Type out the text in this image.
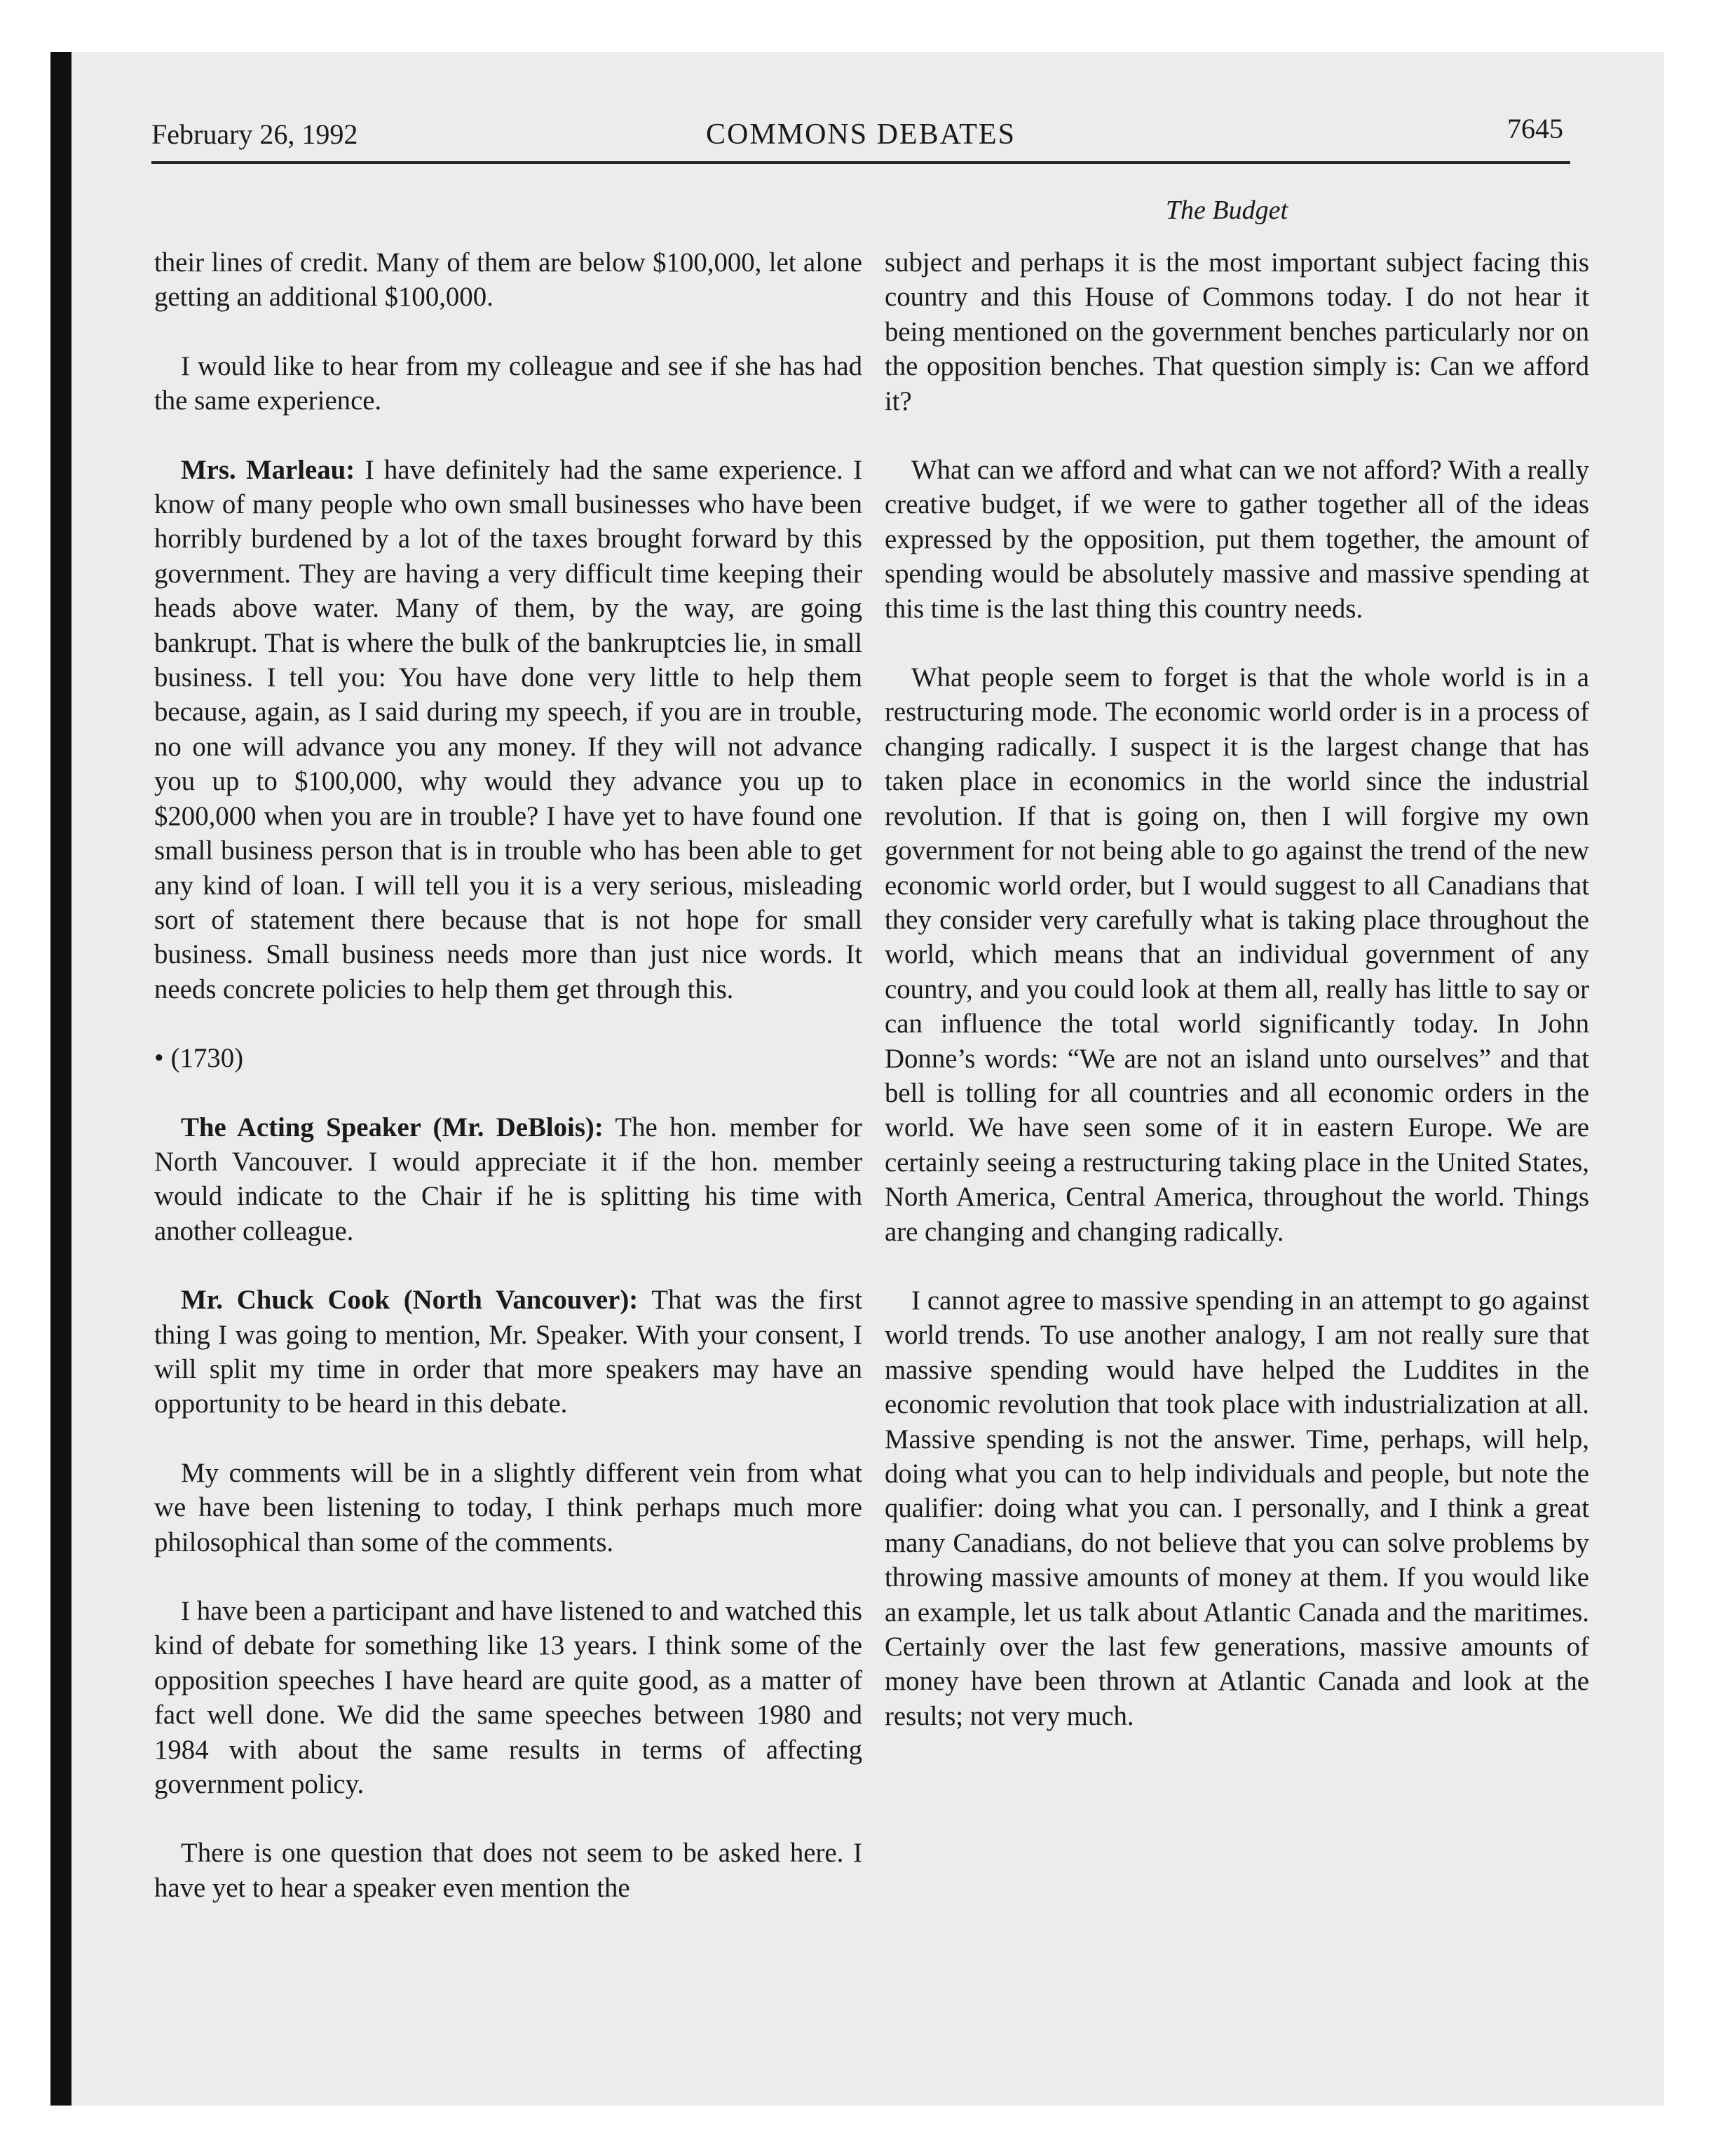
February 26, 1992	COMMONS DEBATES	7645
The Budget

their lines of credit. Many of them are below $100,000, let alone getting an additional $100,000.

I would like to hear from my colleague and see if she has had the same experience.

Mrs. Marleau: I have definitely had the same experience. I know of many people who own small businesses who have been horribly burdened by a lot of the taxes brought forward by this government. They are having a very difficult time keeping their heads above water. Many of them, by the way, are going bankrupt. That is where the bulk of the bankruptcies lie, in small business. I tell you: You have done very little to help them because, again, as I said during my speech, if you are in trouble, no one will advance you any money. If they will not advance you up to $100,000, why would they advance you up to $200,000 when you are in trouble? I have yet to have found one small business person that is in trouble who has been able to get any kind of loan. I will tell you it is a very serious, misleading sort of statement there because that is not hope for small business. Small business needs more than just nice words. It needs concrete policies to help them get through this.

• (1730)

The Acting Speaker (Mr. DeBlois): The hon. member for North Vancouver. I would appreciate it if the hon. member would indicate to the Chair if he is splitting his time with another colleague.

Mr. Chuck Cook (North Vancouver): That was the first thing I was going to mention, Mr. Speaker. With your consent, I will split my time in order that more speakers may have an opportunity to be heard in this debate.

My comments will be in a slightly different vein from what we have been listening to today, I think perhaps much more philosophical than some of the comments.

I have been a participant and have listened to and watched this kind of debate for something like 13 years. I think some of the opposition speeches I have heard are quite good, as a matter of fact well done. We did the same speeches between 1980 and 1984 with about the same results in terms of affecting government policy.

There is one question that does not seem to be asked here. I have yet to hear a speaker even mention the

subject and perhaps it is the most important subject facing this country and this House of Commons today. I do not hear it being mentioned on the government benches particularly nor on the opposition benches. That question simply is: Can we afford it?

What can we afford and what can we not afford? With a really creative budget, if we were to gather together all of the ideas expressed by the opposition, put them together, the amount of spending would be absolutely massive and massive spending at this time is the last thing this country needs.

What people seem to forget is that the whole world is in a restructuring mode. The economic world order is in a process of changing radically. I suspect it is the largest change that has taken place in economics in the world since the industrial revolution. If that is going on, then I will forgive my own government for not being able to go against the trend of the new economic world order, but I would suggest to all Canadians that they consider very carefully what is taking place throughout the world, which means that an individual government of any country, and you could look at them all, really has little to say or can influence the total world significantly today. In John Donne’s words: “We are not an island unto ourselves” and that bell is tolling for all countries and all economic orders in the world. We have seen some of it in eastern Europe. We are certainly seeing a restructuring taking place in the United States, North America, Central America, throughout the world. Things are changing and changing radically.

I cannot agree to massive spending in an attempt to go against world trends. To use another analogy, I am not really sure that massive spending would have helped the Luddites in the economic revolution that took place with industrialization at all. Massive spending is not the answer. Time, perhaps, will help, doing what you can to help individuals and people, but note the qualifier: doing what you can. I personally, and I think a great many Canadians, do not believe that you can solve problems by throwing massive amounts of money at them. If you would like an example, let us talk about Atlantic Canada and the maritimes. Certainly over the last few generations, massive amounts of money have been thrown at Atlantic Canada and look at the results; not very much.
